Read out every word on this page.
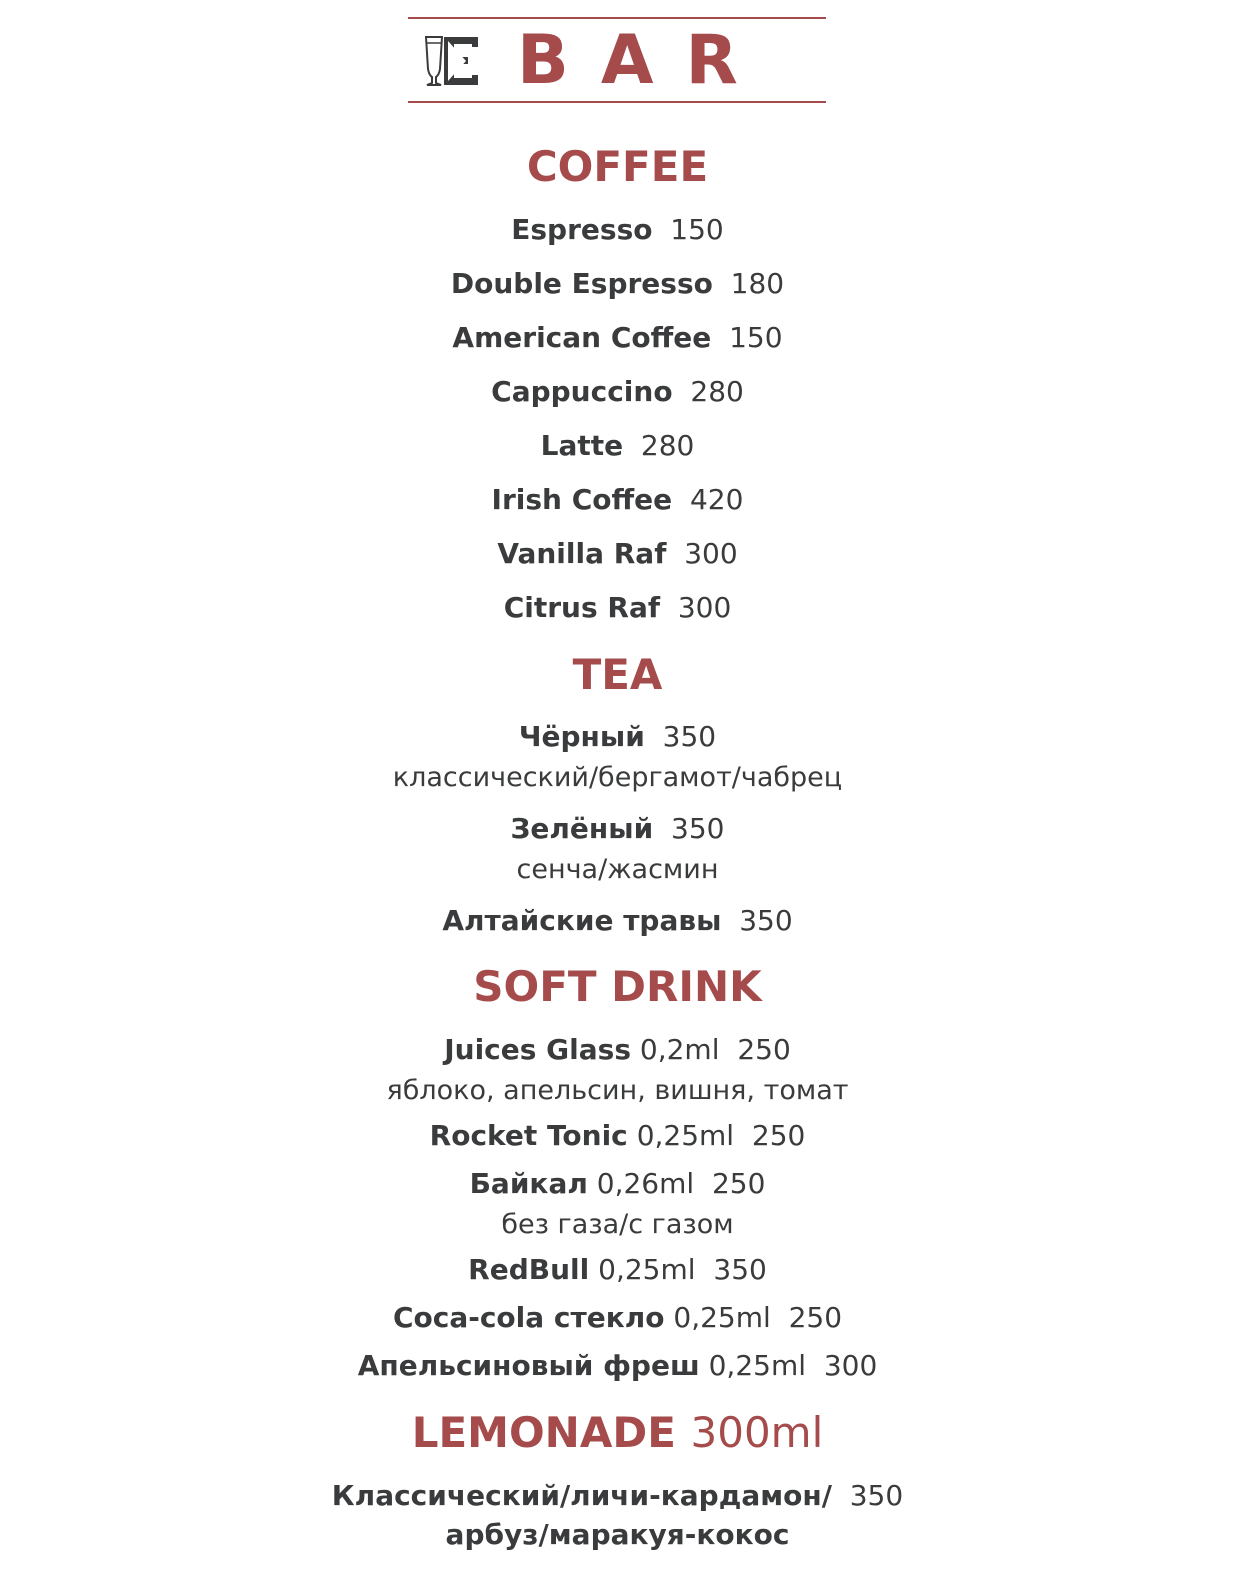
BAR
COFFEE
Espresso 150
Double Espresso 180
American Coffee 150
Cappuccino 280
Latte 280
Irish Coffee 420
Vanilla Raf 300
Citrus Raf 300
TEA
Чёрный 350
классический/бергамот/чабрец
Зелёный 350
сенча/жасмин
Алтайские травы 350
SOFT DRINK
Juices Glass 0,2ml 250
яблоко, апельсин, вишня, томат
Rocket Tonic 0,25ml 250
Байкал 0,26ml 250
без газа/с газом
RedBull 0,25ml 350
Coca-cola стекло 0,25ml 250
Апельсиновый фреш 0,25ml 300
LEMONADE 300ml
Классический/личи-кардамон/ 350
арбуз/маракуя-кокос
